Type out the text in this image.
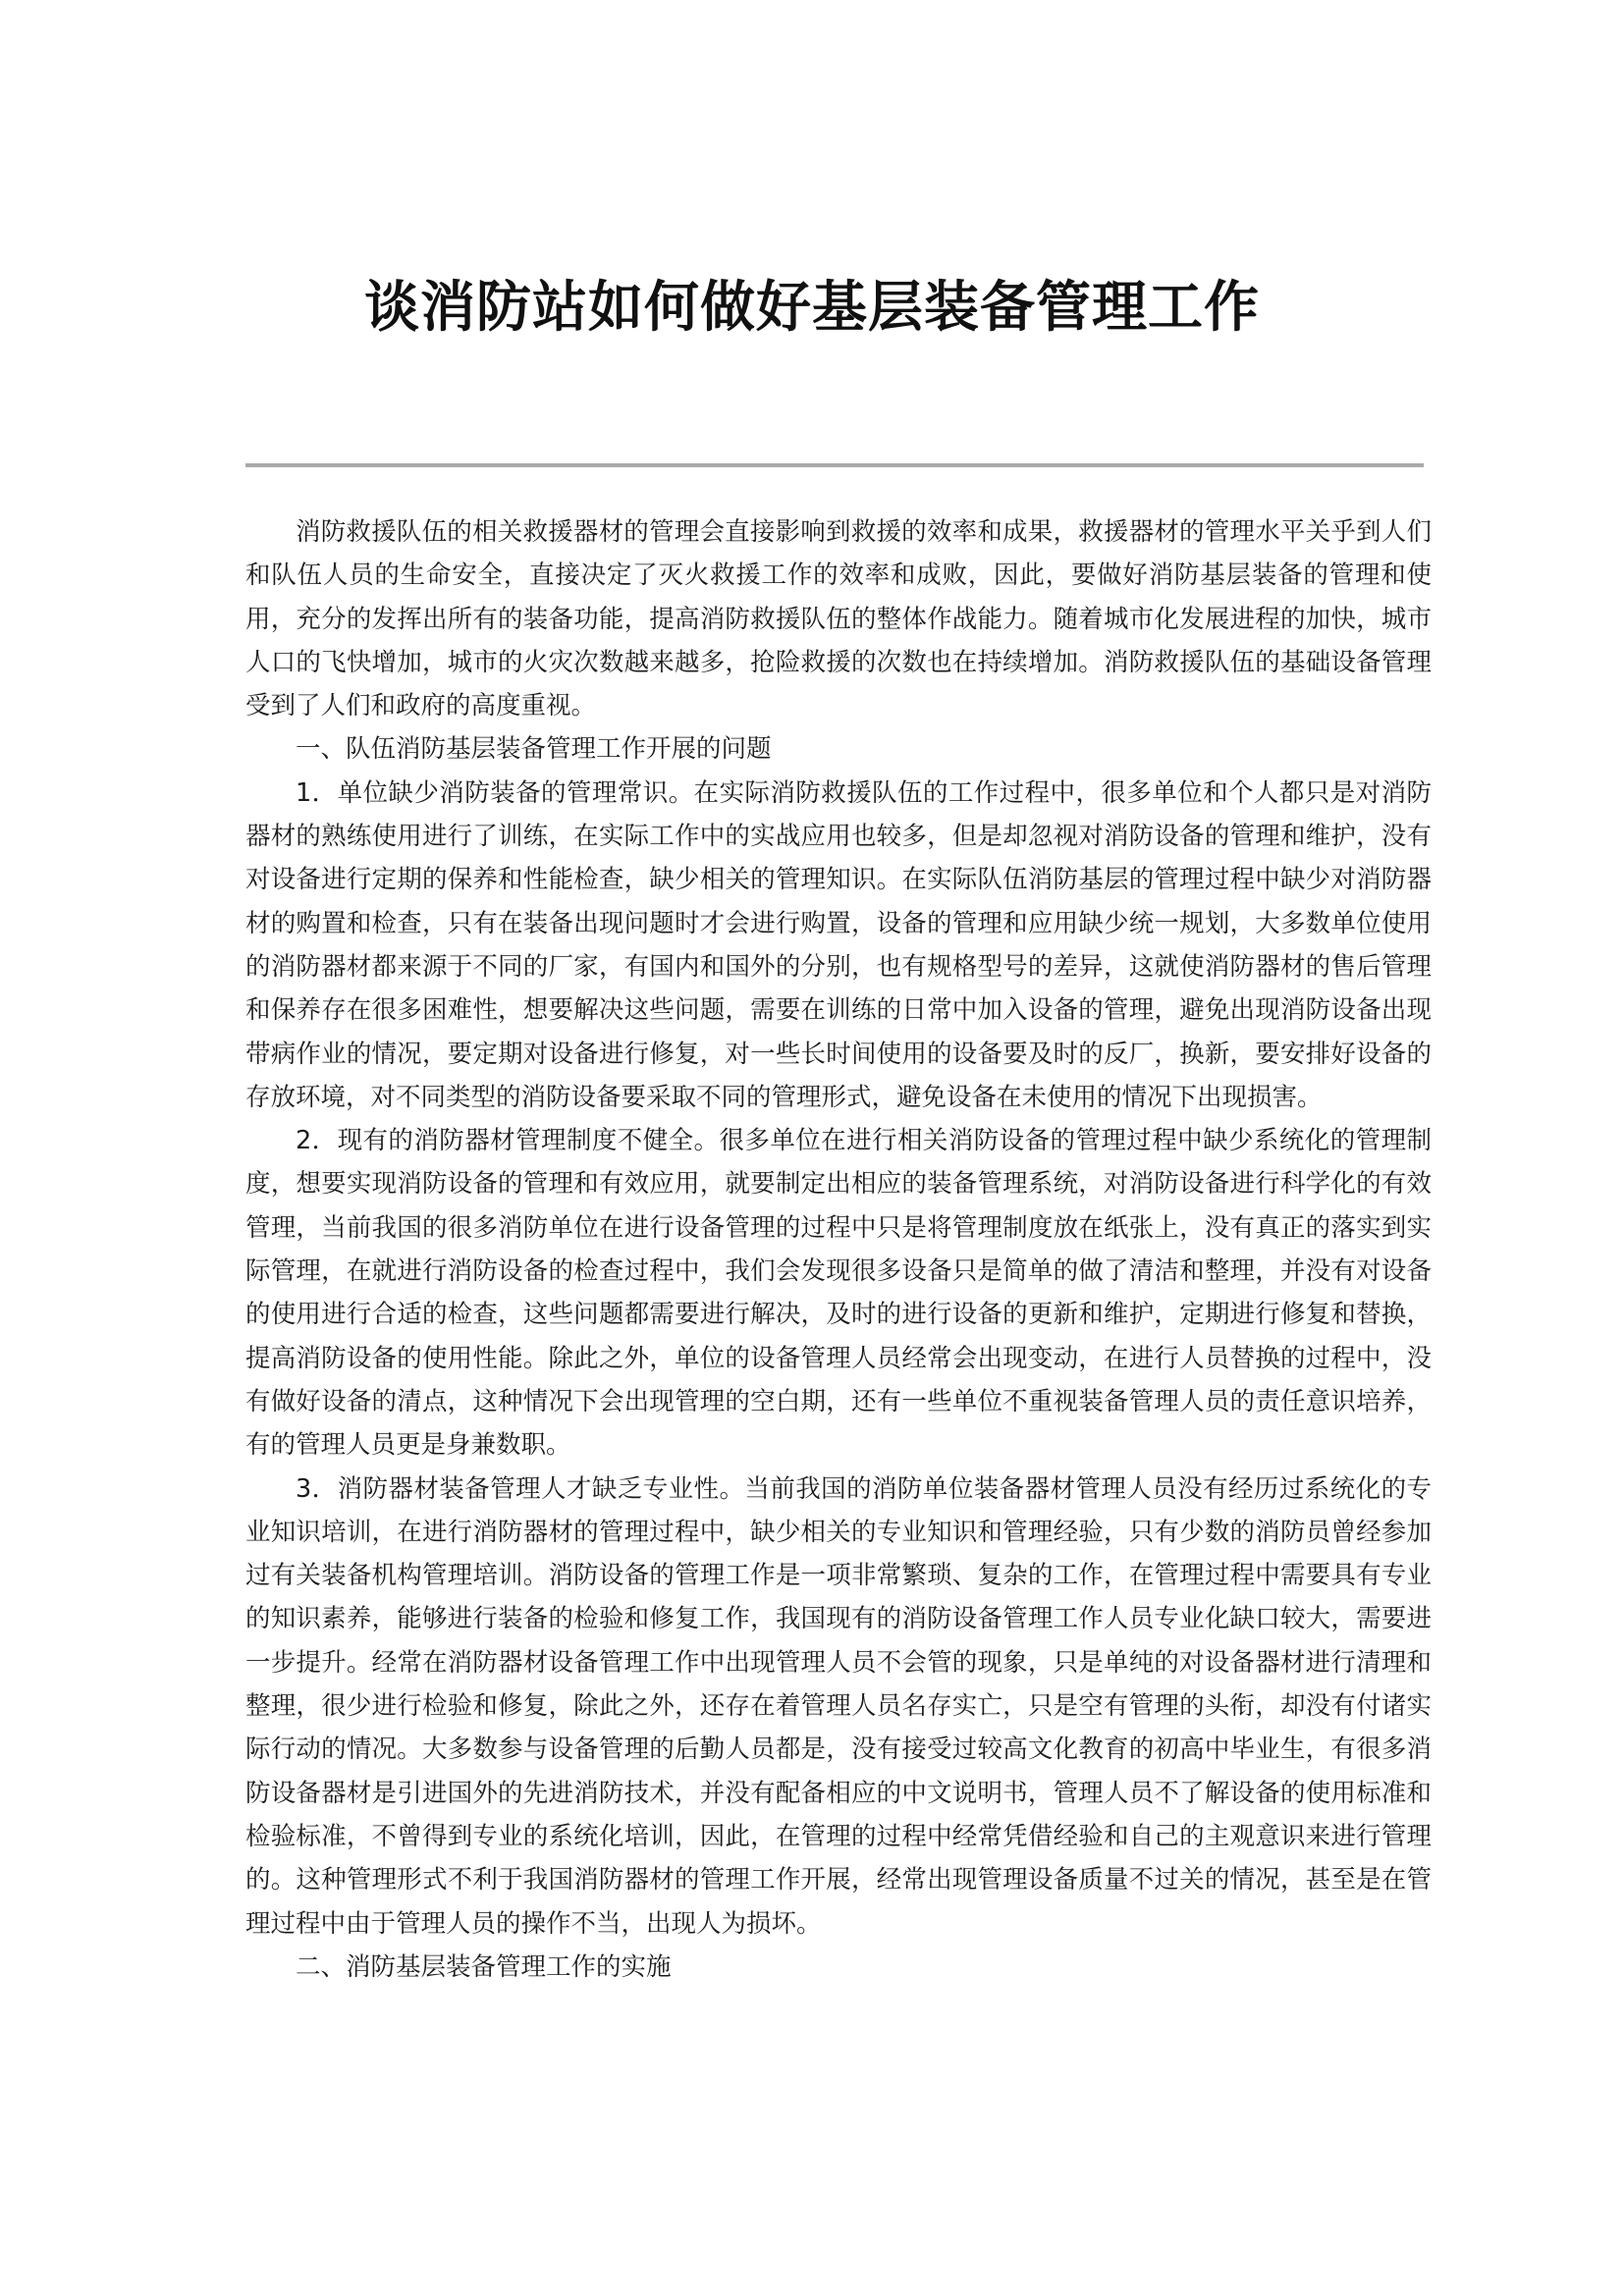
谈消防站如何做好基层装备管理工作

消防救援队伍的相关救援器材的管理会直接影响到救援的效率和成果，救援器材的管理水平关乎到人们和队伍人员的生命安全，直接决定了灭火救援工作的效率和成败，因此，要做好消防基层装备的管理和使用，充分的发挥出所有的装备功能，提高消防救援队伍的整体作战能力。随着城市化发展进程的加快，城市人口的飞快增加，城市的火灾次数越来越多，抢险救援的次数也在持续增加。消防救援队伍的基础设备管理受到了人们和政府的高度重视。

一、队伍消防基层装备管理工作开展的问题

1．单位缺少消防装备的管理常识。在实际消防救援队伍的工作过程中，很多单位和个人都只是对消防器材的熟练使用进行了训练，在实际工作中的实战应用也较多，但是却忽视对消防设备的管理和维护，没有对设备进行定期的保养和性能检查，缺少相关的管理知识。在实际队伍消防基层的管理过程中缺少对消防器材的购置和检查，只有在装备出现问题时才会进行购置，设备的管理和应用缺少统一规划，大多数单位使用的消防器材都来源于不同的厂家，有国内和国外的分别，也有规格型号的差异，这就使消防器材的售后管理和保养存在很多困难性，想要解决这些问题，需要在训练的日常中加入设备的管理，避免出现消防设备出现带病作业的情况，要定期对设备进行修复，对一些长时间使用的设备要及时的反厂，换新，要安排好设备的存放环境，对不同类型的消防设备要采取不同的管理形式，避免设备在未使用的情况下出现损害。

2．现有的消防器材管理制度不健全。很多单位在进行相关消防设备的管理过程中缺少系统化的管理制度，想要实现消防设备的管理和有效应用，就要制定出相应的装备管理系统，对消防设备进行科学化的有效管理，当前我国的很多消防单位在进行设备管理的过程中只是将管理制度放在纸张上，没有真正的落实到实际管理，在就进行消防设备的检查过程中，我们会发现很多设备只是简单的做了清洁和整理，并没有对设备的使用进行合适的检查，这些问题都需要进行解决，及时的进行设备的更新和维护，定期进行修复和替换，提高消防设备的使用性能。除此之外，单位的设备管理人员经常会出现变动，在进行人员替换的过程中，没有做好设备的清点，这种情况下会出现管理的空白期，还有一些单位不重视装备管理人员的责任意识培养，有的管理人员更是身兼数职。

3．消防器材装备管理人才缺乏专业性。当前我国的消防单位装备器材管理人员没有经历过系统化的专业知识培训，在进行消防器材的管理过程中，缺少相关的专业知识和管理经验，只有少数的消防员曾经参加过有关装备机构管理培训。消防设备的管理工作是一项非常繁琐、复杂的工作，在管理过程中需要具有专业的知识素养，能够进行装备的检验和修复工作，我国现有的消防设备管理工作人员专业化缺口较大，需要进一步提升。经常在消防器材设备管理工作中出现管理人员不会管的现象，只是单纯的对设备器材进行清理和整理，很少进行检验和修复，除此之外，还存在着管理人员名存实亡，只是空有管理的头衔，却没有付诸实际行动的情况。大多数参与设备管理的后勤人员都是，没有接受过较高文化教育的初高中毕业生，有很多消防设备器材是引进国外的先进消防技术，并没有配备相应的中文说明书，管理人员不了解设备的使用标准和检验标准，不曾得到专业的系统化培训，因此，在管理的过程中经常凭借经验和自己的主观意识来进行管理的。这种管理形式不利于我国消防器材的管理工作开展，经常出现管理设备质量不过关的情况，甚至是在管理过程中由于管理人员的操作不当，出现人为损坏。

二、消防基层装备管理工作的实施
